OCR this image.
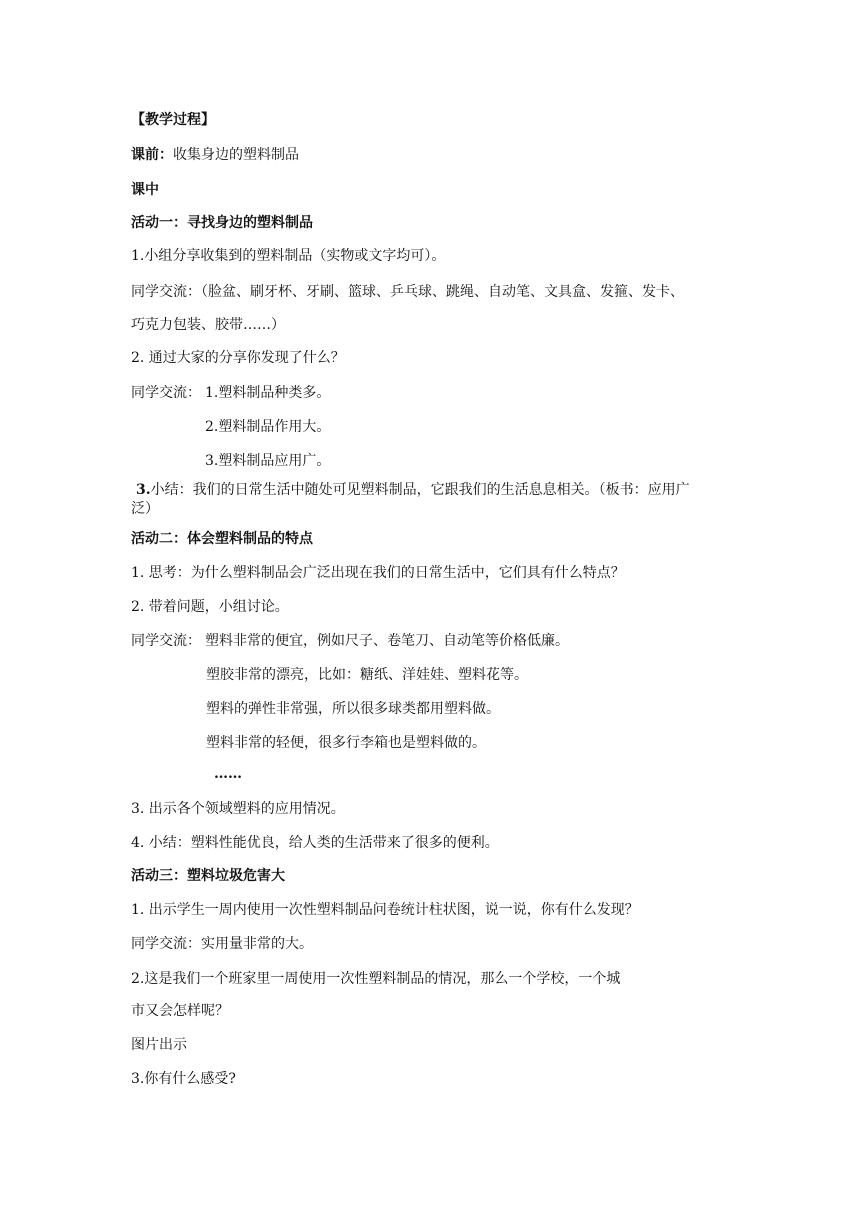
【教学过程】
课前：收集身边的塑料制品
课中
活动一：寻找身边的塑料制品
1.小组分享收集到的塑料制品（实物或文字均可）。
同学交流：（脸盆、刷牙杯、牙刷、篮球、乒乓球、跳绳、自动笔、文具盒、发箍、发卡、
巧克力包装、胶带……）
2. 通过大家的分享你发现了什么？
同学交流： 1.塑料制品种类多。
2.塑料制品作用大。
3.塑料制品应用广。
3.小结：我们的日常生活中随处可见塑料制品，它跟我们的生活息息相关。（板书：应用广
泛）
活动二：体会塑料制品的特点
1. 思考：为什么塑料制品会广泛出现在我们的日常生活中，它们具有什么特点？
2. 带着问题，小组讨论。
同学交流： 塑料非常的便宜，例如尺子、卷笔刀、自动笔等价格低廉。
塑胶非常的漂亮，比如：糖纸、洋娃娃、塑料花等。
塑料的弹性非常强，所以很多球类都用塑料做。
塑料非常的轻便，很多行李箱也是塑料做的。
……
3. 出示各个领域塑料的应用情况。
4. 小结：塑料性能优良，给人类的生活带来了很多的便利。
活动三：塑料垃圾危害大
1. 出示学生一周内使用一次性塑料制品问卷统计柱状图，说一说，你有什么发现？
同学交流：实用量非常的大。
2.这是我们一个班家里一周使用一次性塑料制品的情况，那么一个学校，一个城
市又会怎样呢？
图片出示
3.你有什么感受?
